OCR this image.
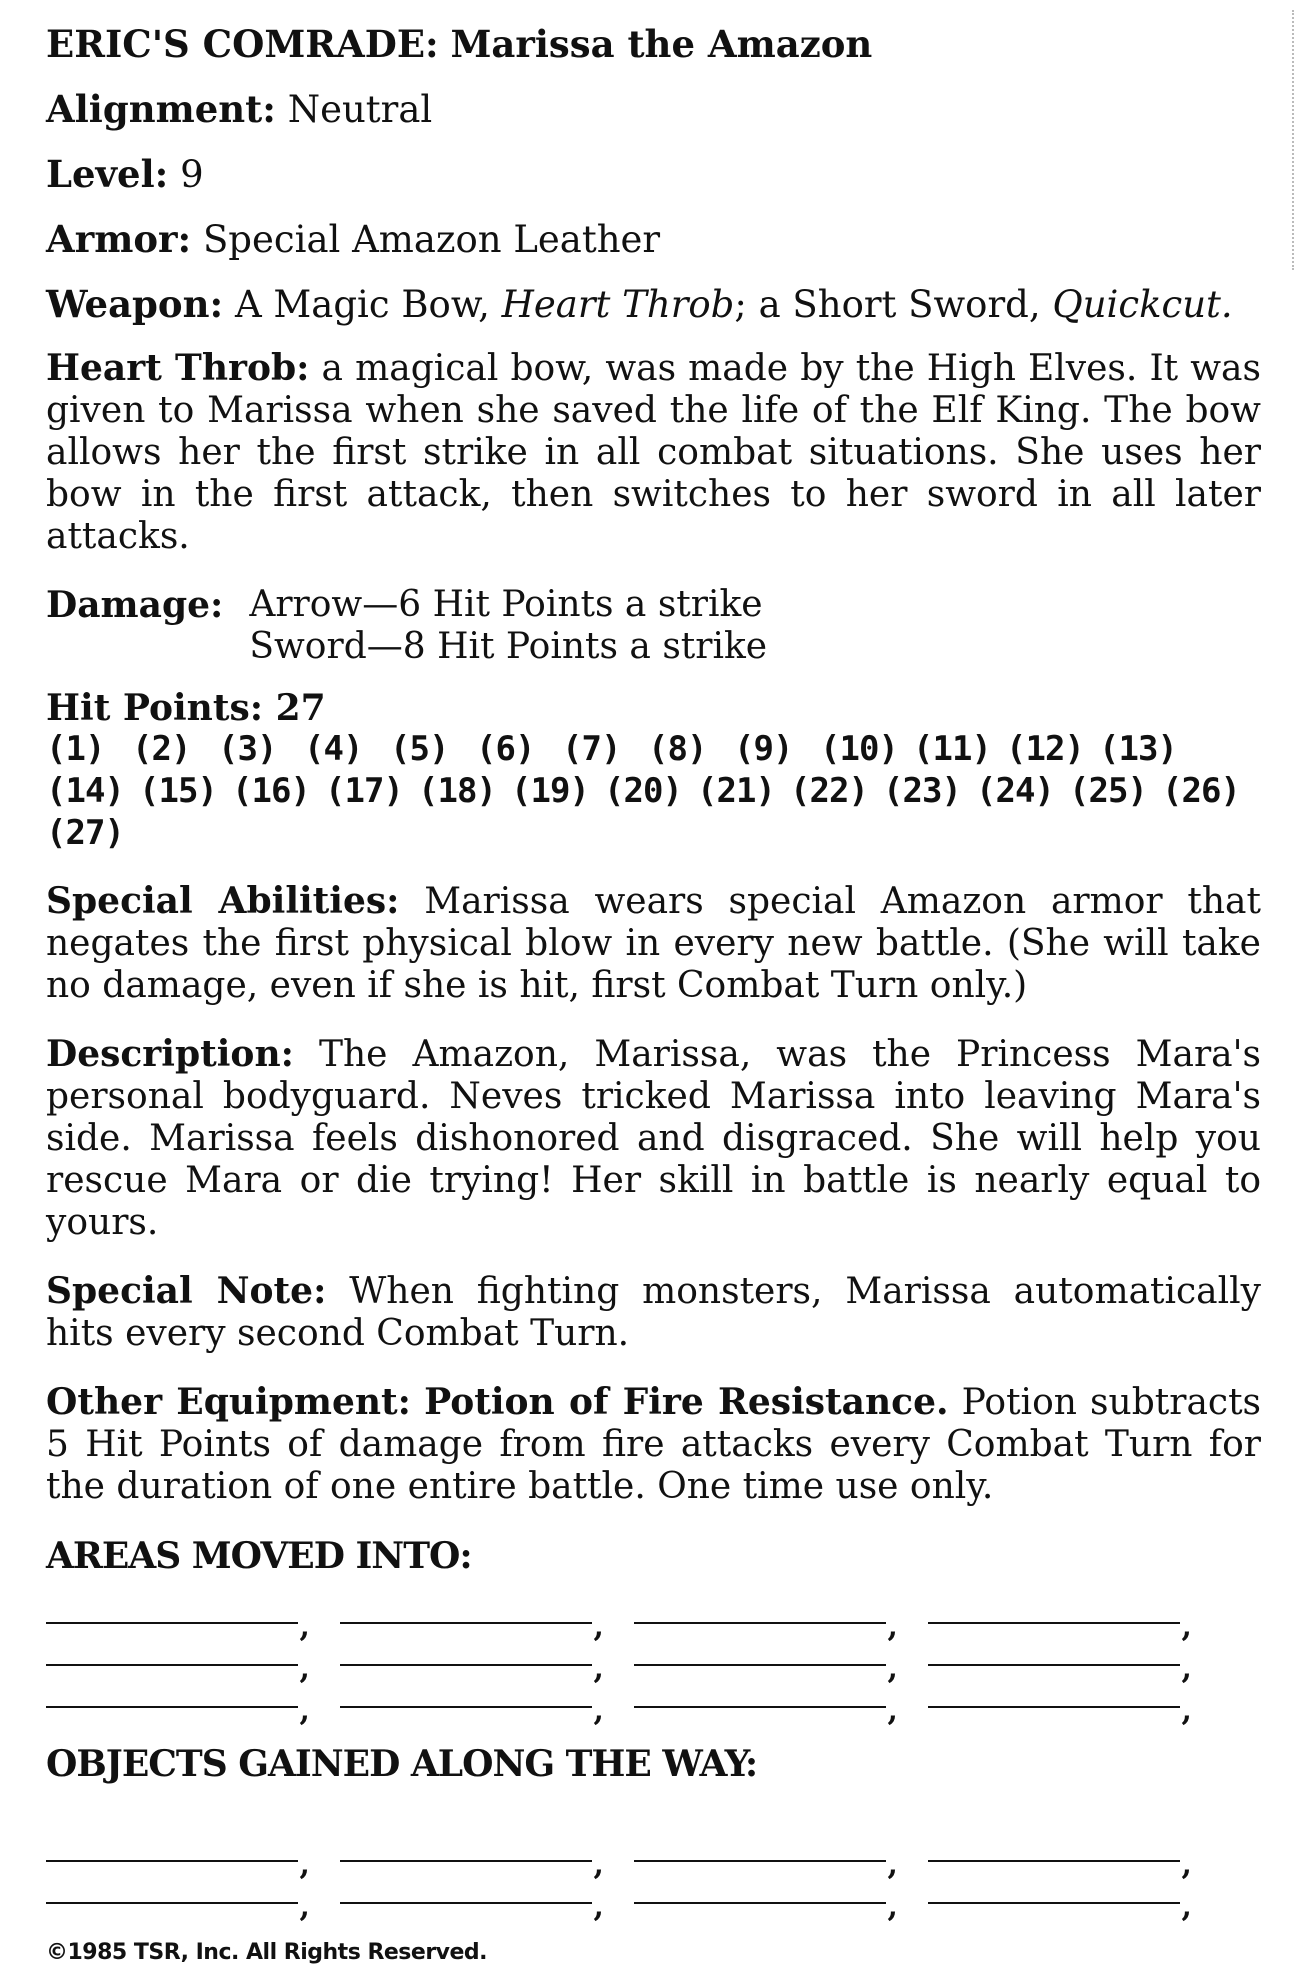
ERIC'S COMRADE: Marissa the Amazon

Alignment: Neutral

Level: 9

Armor: Special Amazon Leather

Weapon: A Magic Bow, Heart Throb; a Short Sword, Quickcut.

Heart Throb: a magical bow, was made by the High Elves. It was given to Marissa when she saved the life of the Elf King. The bow allows her the first strike in all combat situations. She uses her bow in the first attack, then switches to her sword in all later attacks.

Damage: Arrow—6 Hit Points a strike
Sword—8 Hit Points a strike
Hit Points: 27
(1) (2) (3) (4) (5) (6) (7) (8) (9) (10) (11) (12) (13)
(14) (15) (16) (17) (18) (19) (20) (21) (22) (23) (24) (25) (26)
(27)

Special Abilities: Marissa wears special Amazon armor that negates the first physical blow in every new battle. (She will take no damage, even if she is hit, first Combat Turn only.)

Description: The Amazon, Marissa, was the Princess Mara's personal bodyguard. Neves tricked Marissa into leaving Mara's side. Marissa feels dishonored and disgraced. She will help you rescue Mara or die trying! Her skill in battle is nearly equal to yours.

Special Note: When fighting monsters, Marissa automatically hits every second Combat Turn.

Other Equipment: Potion of Fire Resistance. Potion subtracts 5 Hit Points of damage from fire attacks every Combat Turn for the duration of one entire battle. One time use only.

AREAS MOVED INTO:
,
,
,
,
,
,
,
,
,
,
,
,
OBJECTS GAINED ALONG THE WAY:
,
,
,
,
,
,
,
,
©1985 TSR, Inc. All Rights Reserved.
